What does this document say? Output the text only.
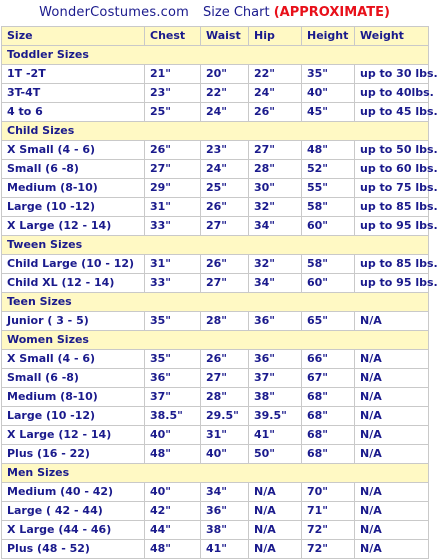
WonderCostumes.com Size Chart (APPROXIMATE)
Size	Chest	Waist	Hip	Height	Weight
Toddler Sizes					
1T -2T	21"	20"	22"	35"	up to 30 lbs.
3T-4T	23"	22"	24"	40"	up to 40lbs.
4 to 6	25"	24"	26"	45"	up to 45 lbs.
Child Sizes					
X Small (4 - 6)	26"	23"	27"	48"	up to 50 lbs.
Small (6 -8)	27"	24"	28"	52"	up to 60 lbs.
Medium (8-10)	29"	25"	30"	55"	up to 75 lbs.
Large (10 -12)	31"	26"	32"	58"	up to 85 lbs.
X Large (12 - 14)	33"	27"	34"	60"	up to 95 lbs.
Tween Sizes					
Child Large (10 - 12)	31"	26"	32"	58"	up to 85 lbs.
Child XL (12 - 14)	33"	27"	34"	60"	up to 95 lbs.
Teen Sizes					
Junior ( 3 - 5)	35"	28"	36"	65"	N/A
Women Sizes					
X Small (4 - 6)	35"	26"	36"	66"	N/A
Small (6 -8)	36"	27"	37"	67"	N/A
Medium (8-10)	37"	28"	38"	68"	N/A
Large (10 -12)	38.5"	29.5"	39.5"	68"	N/A
X Large (12 - 14)	40"	31"	41"	68"	N/A
Plus (16 - 22)	48"	40"	50"	68"	N/A
Men Sizes					
Medium (40 - 42)	40"	34"	N/A	70"	N/A
Large ( 42 - 44)	42"	36"	N/A	71"	N/A
X Large (44 - 46)	44"	38"	N/A	72"	N/A
Plus (48 - 52)	48"	41"	N/A	72"	N/A
